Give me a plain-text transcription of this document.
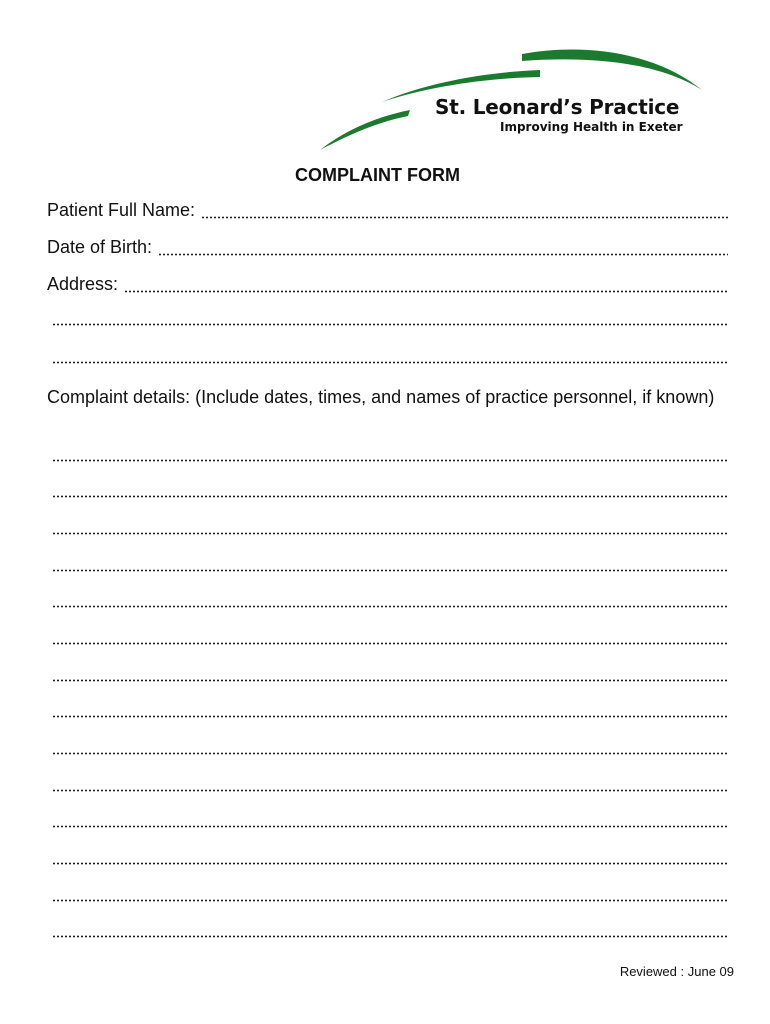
St. Leonard’s Practice
Improving Health in Exeter
COMPLAINT FORM
Patient Full Name:
Date of Birth:
Address:
Complaint details: (Include dates, times, and names of practice personnel, if known)
Reviewed : June 09
